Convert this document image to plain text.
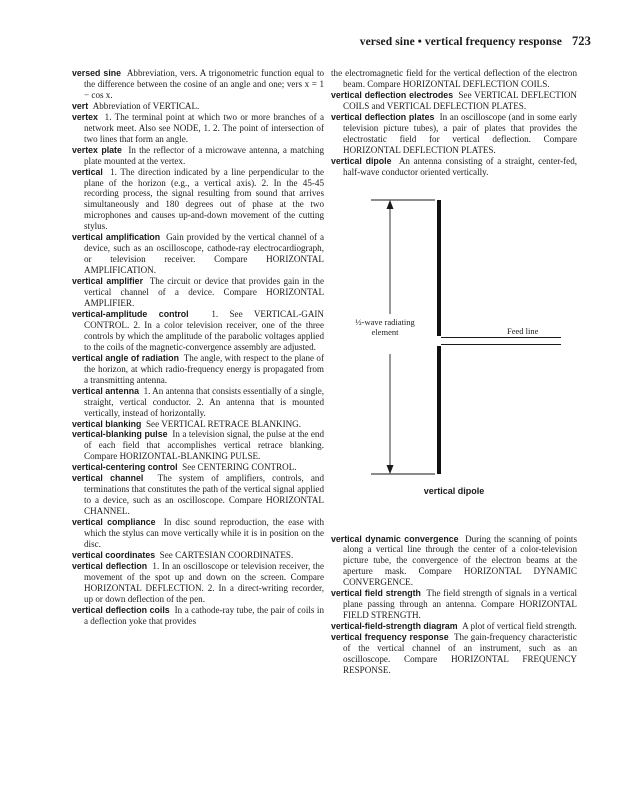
versed sine • vertical frequency response 723

versed sine Abbreviation, vers. A trigonometric function equal to the difference between the cosine of an angle and one; vers x = 1 − cos x.

vert Abbreviation of VERTICAL.

vertex 1. The terminal point at which two or more branches of a network meet. Also see NODE, 1. 2. The point of intersection of two lines that form an angle.

vertex plate In the reflector of a microwave antenna, a matching plate mounted at the vertex.

vertical 1. The direction indicated by a line perpendicular to the plane of the horizon (e.g., a vertical axis). 2. In the 45-45 recording process, the signal resulting from sound that arrives simultaneously and 180 degrees out of phase at the two microphones and causes up-and-down movement of the cutting stylus.

vertical amplification Gain provided by the vertical channel of a device, such as an oscilloscope, cathode-ray electrocardiograph, or television receiver. Compare HORIZONTAL AMPLIFICATION.

vertical amplifier The circuit or device that provides gain in the vertical channel of a device. Compare HORIZONTAL AMPLIFIER.

vertical-amplitude control 1. See VERTICAL-GAIN CONTROL. 2. In a color television receiver, one of the three controls by which the amplitude of the parabolic voltages applied to the coils of the magnetic-convergence assembly are adjusted.

vertical angle of radiation The angle, with respect to the plane of the horizon, at which radio-frequency energy is propagated from a transmitting antenna.

vertical antenna 1. An antenna that consists essentially of a single, straight, vertical conductor. 2. An antenna that is mounted vertically, instead of horizontally.

vertical blanking See VERTICAL RETRACE BLANKING.

vertical-blanking pulse In a television signal, the pulse at the end of each field that accomplishes vertical retrace blanking. Compare HORIZONTAL-BLANKING PULSE.

vertical-centering control See CENTERING CONTROL.

vertical channel The system of amplifiers, controls, and terminations that constitutes the path of the vertical signal applied to a device, such as an oscilloscope. Compare HORIZONTAL CHANNEL.

vertical compliance In disc sound reproduction, the ease with which the stylus can move vertically while it is in position on the disc.

vertical coordinates See CARTESIAN COORDINATES.

vertical deflection 1. In an oscilloscope or television receiver, the movement of the spot up and down on the screen. Compare HORIZONTAL DEFLECTION. 2. In a direct-writing recorder, up or down deflection of the pen.

vertical deflection coils In a cathode-ray tube, the pair of coils in a deflection yoke that provides

the electromagnetic field for the vertical deflection of the electron beam. Compare HORIZONTAL DEFLECTION COILS.

vertical deflection electrodes See VERTICAL DEFLECTION COILS and VERTICAL DEFLECTION PLATES.

vertical deflection plates In an oscilloscope (and in some early television picture tubes), a pair of plates that provides the electrostatic field for vertical deflection. Compare HORIZONTAL DEFLECTION PLATES.

vertical dipole An antenna consisting of a straight, center-fed, half-wave conductor oriented vertically.

½-wave radiating element	Feed line
vertical dipole

vertical dynamic convergence During the scanning of points along a vertical line through the center of a color-television picture tube, the convergence of the electron beams at the aperture mask. Compare HORIZONTAL DYNAMIC CONVERGENCE.

vertical field strength The field strength of signals in a vertical plane passing through an antenna. Compare HORIZONTAL FIELD STRENGTH.

vertical-field-strength diagram A plot of vertical field strength.

vertical frequency response The gain-frequency characteristic of the vertical channel of an instrument, such as an oscilloscope. Compare HORIZONTAL FREQUENCY RESPONSE.
